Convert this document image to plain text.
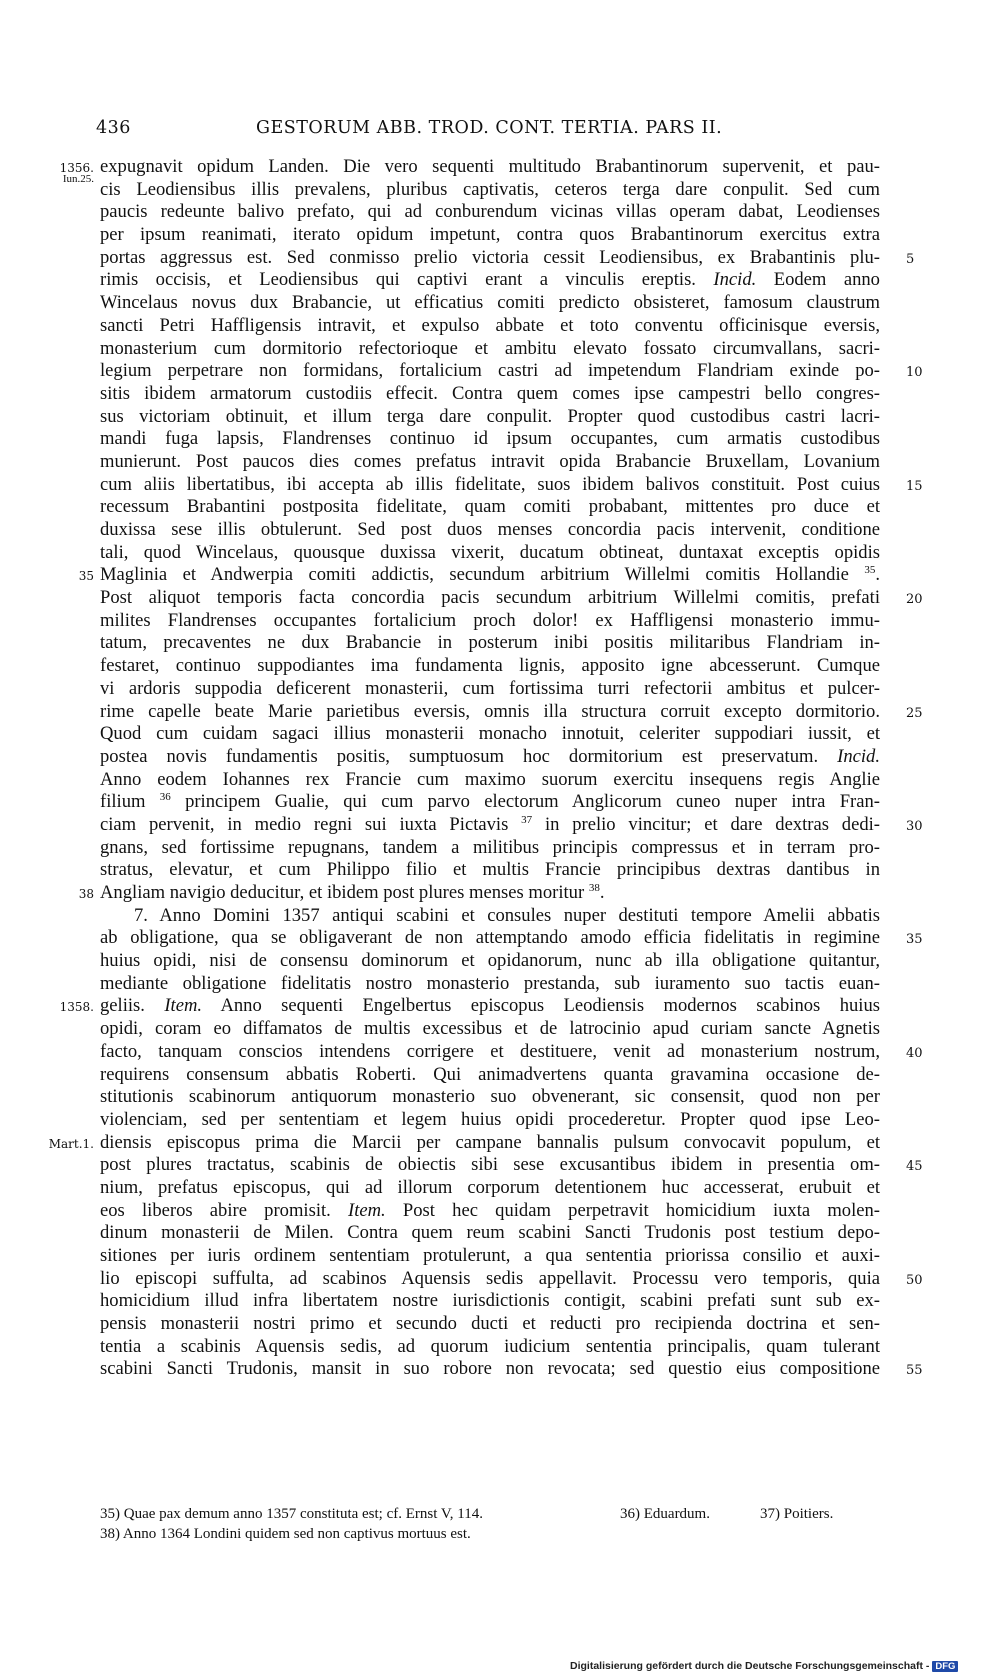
436	GESTORUM ABB. TROD. CONT. TERTIA. PARS II.
expugnavit opidum Landen. Die vero sequenti multitudo Brabantinorum supervenit, et pau-
1356.
Iun.25. cis Leodiensibus illis prevalens, pluribus captivatis, ceteros terga dare conpulit. Sed cum
paucis redeunte balivo prefato, qui ad conburendum vicinas villas operam dabat, Leodienses
per ipsum reanimati, iterato opidum impetunt, contra quos Brabantinorum exercitus extra
portas aggressus est. Sed conmisso prelio victoria cessit Leodiensibus, ex Brabantinis plu- 5
rimis occisis, et Leodiensibus qui captivi erant a vinculis ereptis. Incid. Eodem anno
Wincelaus novus dux Brabancie, ut efficatius comiti predicto obsisteret, famosum claustrum
sancti Petri Haffligensis intravit, et expulso abbate et toto conventu officinisque eversis,
monasterium cum dormitorio refectorioque et ambitu elevato fossato circumvallans, sacri-
legium perpetrare non formidans, fortalicium castri ad impetendum Flandriam exinde po- 10
sitis ibidem armatorum custodiis effecit. Contra quem comes ipse campestri bello congres-
sus victoriam obtinuit, et illum terga dare conpulit. Propter quod custodibus castri lacri-
mandi fuga lapsis, Flandrenses continuo id ipsum occupantes, cum armatis custodibus
munierunt. Post paucos dies comes prefatus intravit opida Brabancie Bruxellam, Lovanium
cum aliis libertatibus, ibi accepta ab illis fidelitate, suos ibidem balivos constituit. Post cuius 15
recessum Brabantini postposita fidelitate, quam comiti probabant, mittentes pro duce et
duxissa sese illis obtulerunt. Sed post duos menses concordia pacis intervenit, conditione
tali, quod Wincelaus, quousque duxissa vixerit, ducatum obtineat, duntaxat exceptis opidis
Maglinia et Andwerpia comiti addictis, secundum arbitrium Willelmi comitis Hollandie $^{35}$.
35
Post aliquot temporis facta concordia pacis secundum arbitrium Willelmi comitis, prefati 20
milites Flandrenses occupantes fortalicium proch dolor! ex Haffligensi monasterio immu-
tatum, precaventes ne dux Brabancie in posterum inibi positis militaribus Flandriam in-
festaret, continuo suppodiantes ima fundamenta lignis, apposito igne abcesserunt. Cumque
vi ardoris suppodia deficerent monasterii, cum fortissima turri refectorii ambitus et pulcer-
rime capelle beate Marie parietibus eversis, omnis illa structura corruit excepto dormitorio. 25
Quod cum cuidam sagaci illius monasterii monacho innotuit, celeriter suppodiari iussit, et
postea novis fundamentis positis, sumptuosum hoc dormitorium est preservatum. Incid.
Anno eodem Iohannes rex Francie cum maximo suorum exercitu insequens regis Anglie
filium $^{36}$ principem Gualie, qui cum parvo electorum Anglicorum cuneo nuper intra Fran-
ciam pervenit, in medio regni sui iuxta Pictavis $^{37}$ in prelio vincitur; et dare dextras dedi- 30
gnans, sed fortissime repugnans, tandem a militibus principis compressus et in terram pro-
stratus, elevatur, et cum Philippo filio et multis Francie principibus dextras dantibus in
Angliam navigio deducitur, et ibidem post plures menses moritur $^{38}$.
38
7. Anno Domini 1357 antiqui scabini et consules nuper destituti tempore Amelii abbatis
ab obligatione, qua se obligaverant de non attemptando amodo efficia fidelitatis in regimine 35
huius opidi, nisi de consensu dominorum et opidanorum, nunc ab illa obligatione quitantur,
mediante obligatione fidelitatis nostro monasterio prestanda, sub iuramento suo tactis euan-
geliis. Item. Anno sequenti Engelbertus episcopus Leodiensis modernos scabinos huius
1358.
opidi, coram eo diffamatos de multis excessibus et de latrocinio apud curiam sancte Agnetis
facto, tanquam conscios intendens corrigere et destituere, venit ad monasterium nostrum, 40
requirens consensum abbatis Roberti. Qui animadvertens quanta gravamina occasione de-
stitutionis scabinorum antiquorum monasterio suo obvenerant, sic consensit, quod non per
violenciam, sed per sententiam et legem huius opidi procederetur. Propter quod ipse Leo-
diensis episcopus prima die Marcii per campane bannalis pulsum convocavit populum, et
Mart.1.
post plures tractatus, scabinis de obiectis sibi sese excusantibus ibidem in presentia om- 45
nium, prefatus episcopus, qui ad illorum corporum detentionem huc accesserat, erubuit et
eos liberos abire promisit. Item. Post hec quidam perpetravit homicidium iuxta molen-
dinum monasterii de Milen. Contra quem reum scabini Sancti Trudonis post testium depo-
sitiones per iuris ordinem sententiam protulerunt, a qua sententia priorissa consilio et auxi-
lio episcopi suffulta, ad scabinos Aquensis sedis appellavit. Processu vero temporis, quia 50
homicidium illud infra libertatem nostre iurisdictionis contigit, scabini prefati sunt sub ex-
pensis monasterii nostri primo et secundo ducti et reducti pro recipienda doctrina et sen-
tentia a scabinis Aquensis sedis, ad quorum iudicium sententia principalis, quam tulerant
scabini Sancti Trudonis, mansit in suo robore non revocata; sed questio eius compositione 55
35) Quae pax demum anno 1357 constituta est; cf. Ernst V, 114.	36) Eduardum.	37) Poitiers.
38) Anno 1364 Londini quidem sed non captivus mortuus est.
Digitalisierung gefördert durch die Deutsche Forschungsgemeinschaft - DFG
